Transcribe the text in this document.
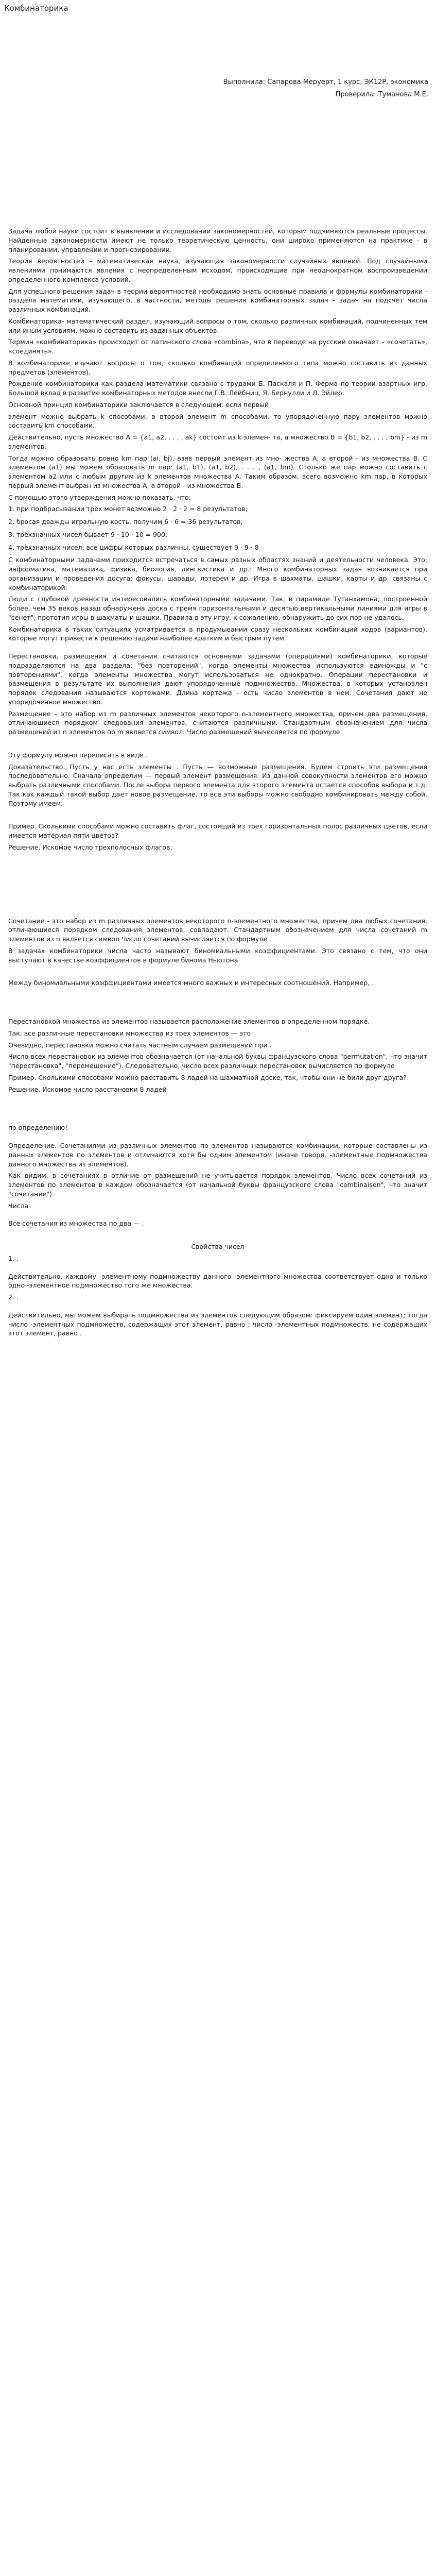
Комбинаторика
Выполнила: Сапарова Меруерт, 1 курс, ЭК12Р, экономика
Проверила: Туманова М.Е.

Задача любой науки состоит в выявлении и исследовании закономерностей, которым подчиняются реальные процессы. Найденные закономерности имеют не только теоретическую ценность, они широко применяются на практике - в планировании, управлении и прогнозировании.

Теория вероятностей - математическая наука, изучающая закономерности случайных явлений. Под случайными явлениями понимаются явления с неопределенным исходом, происходящие при неоднократном воспроизведении определенного комплекса условий.

Для успешного решения задач в теории вероятностей необходимо знать основные правила и формулы комбинаторики - раздела математики, изучающего, в частности, методы решения комбинаторных задач - задач на подсчет числа различных комбинаций.

Комбинаторика- математический раздел, изучающий вопросы о том, сколько различных комбинаций, подчиненных тем или иным условиям, можно составить из заданных объектов.

Термин «комбинаторика» происходит от латинского слова «combina», что в переводе на русский означает – «сочетать», «соединять».

В комбинаторике изучают вопросы о том, сколько комбинаций определенного типа можно составить из данных предметов (элементов).

Рождение комбинаторики как раздела математики связано с трудами Б. Паскаля и П. Ферма по теории азартных игр. Большой вклад в развитие комбинаторных методов внесли Г.В. Лейбниц, Я. Бернулли и Л. Эйлер.

Основной принцип комбинаторики заключается в следующем: если первый

элемент можно выбрать k способами, а второй элемент m способами, то упорядоченную пару элементов можно составить km способами.

Действительно, пусть множество A = {a1, a2, . . . , ak} состоит из k элемен- та, а множество B = {b1, b2, . . . , bm} - из m элементов.

Тогда можно образовать ровно km пар (ai, bj), взяв первый элемент из мно- жества A, а второй - из множества B. С элементом (a1) мы можем образовать m пар: (a1, b1), (a1, b2), . . . , (a1, bm). Столько же пар можно составить с элементом a2 или с любым другим из k элементов множества A. Таким образом, всего возможно km пар, в которых первый элемент выбран из множества A, а второй - из множества B.

С помощью этого утверждения можно показать, что:

1. при подбрасывании трёх монет возможно 2 · 2 · 2 = 8 результатов;

2. бросая дважды игральную кость, получим 6 · 6 = 36 результатов;

3. трёхзначных чисел бывает 9 · 10 · 10 = 900;

4. трёхзначных чисел, все цифры которых различны, существует 9 · 9 · 8

С комбинаторными задачами приходится встречаться в самых разных областях знаний и деятельности человека. Это; информатика, математика, физика, биология, лингвистика и др.: Много комбинаторных задач возникается при организации и проведения досуга: фокусы, шарады, лотереи и др. Игра в шахматы, шашки, карты и др. связаны с комбинаторикой.

Люди с глубокой древности интересовались комбинаторными задачами. Так, в пирамиде Тутанхамона, построенной более, чем 35 веков назад обнаружена доска с тремя горизонтальными и десятью вертикальными линиями для игры в "сенет", прототип игры в шахматы и шашки. Правила в эту игру, к сожалению, обнаружить до сих пор не удалось.

Комбинаторика в таких ситуациях усматривается в продумывании сразу нескольких комбинаций ходов (вариантов), которые могут привести к решению задачи наиболее кратким и быстрым путем.

Перестановки, размещения и сочетания считаются основными задачами (операциями) комбинаторики, которые подразделяются на два раздела: "без повторений", когда элементы множества используются единожды и "с повторениями", когда элементы множества могут использоваться не однократно. Операции перестановки и размещения в результате их выполнения дают упорядоченные подмножества. Множества, в которых установлен порядок следования называются кортежами. Длина кортежа - есть число элементов в нем. Сочетания дают не упорядоченное множество.

Размещение – это набор из m различных элементов некоторого n-элементного множества, причем два размещения, отличающиеся порядком следования элементов, считаются различными. Стандартным обозначением для числа размещений из n элементов по m является символ. Число размещений вычисляется по формуле

Эту формулу можно переписать в виде .

Доказательство. Пусть у нас есть элементы . Пусть — возможные размещения. Будем строить эти размещения последовательно. Сначала определим — первый элемент размещения. Из данной совокупности элементов его можно выбрать различными способами. После выбора первого элемента для второго элемента остается способов выбора и т.д. Так как каждый такой выбор дает новое размещение, то все эти выборы можно свободно комбинировать между собой. Поэтому имеем:

Пример. Сколькими способами можно составить флаг, состоящий из трех горизонтальных полос различных цветов, если имеется материал пяти цветов?

Решение. Искомое число трехполосных флагов:

Сочетание - это набор из m различных элементов некоторого n-элементного множества, причем два любых сочетания, отличающиеся порядком следования элементов, совпадают. Стандартным обозначением для числа сочетаний m элементов из n является символ Число сочетаний вычисляется по формуле .

В задачах комбинаторики числа часто называют биномиальными коэффициентами. Это связано с тем, что они выступают в качестве коэффициентов в формуле бинома Ньютона

Между биномиальными коэффициентами имеется много важных и интересных соотношений. Например, .

Перестановкой множества из элементов называется расположение элементов в определенном порядке.

Так, все различные перестановки множества из трех элементов — это

Очевидно, перестановки можно считать частным случаем размещений при .

Число всех перестановок из элементов обозначается (от начальной буквы французского слова "permutation", что значит "перестановка", "перемещение"). Следовательно, число всех различных перестановок вычисляется по формуле

Пример. Сколькими способами можно расставить 8 ладей на шахматной доске, так, чтобы они не били друг друга?

Решение. Искомое число расстановки 8 ладей

по определению!

Определение. Сочетаниями из различных элементов по элементов называются комбинации, которые составлены из данных элементов по элементов и отличаются хотя бы одним элементом (иначе говоря, -элементные подмножества данного множества из элементов).

Как видим, в сочетаниях в отличие от размещений не учитывается порядок элементов. Число всех сочетаний из элементов по элементов в каждом обозначается (от начальной буквы французского слова "combinaison", что значит "сочетание").

Числа

Все сочетания из множества по два — .

Свойства чисел

1. .

Действительно, каждому -элементному подмножеству данного -элементного множества соответствует одно и только одно -элементное подмножество того же множества.

2. .

Действительно, мы можем выбирать подмножества из элементов следующим образом: фиксируем один элемент; тогда число -элементных подмножеств, содержащих этот элемент, равно ; число -элементных подмножеств, не содержащих этот элемент, равно .
